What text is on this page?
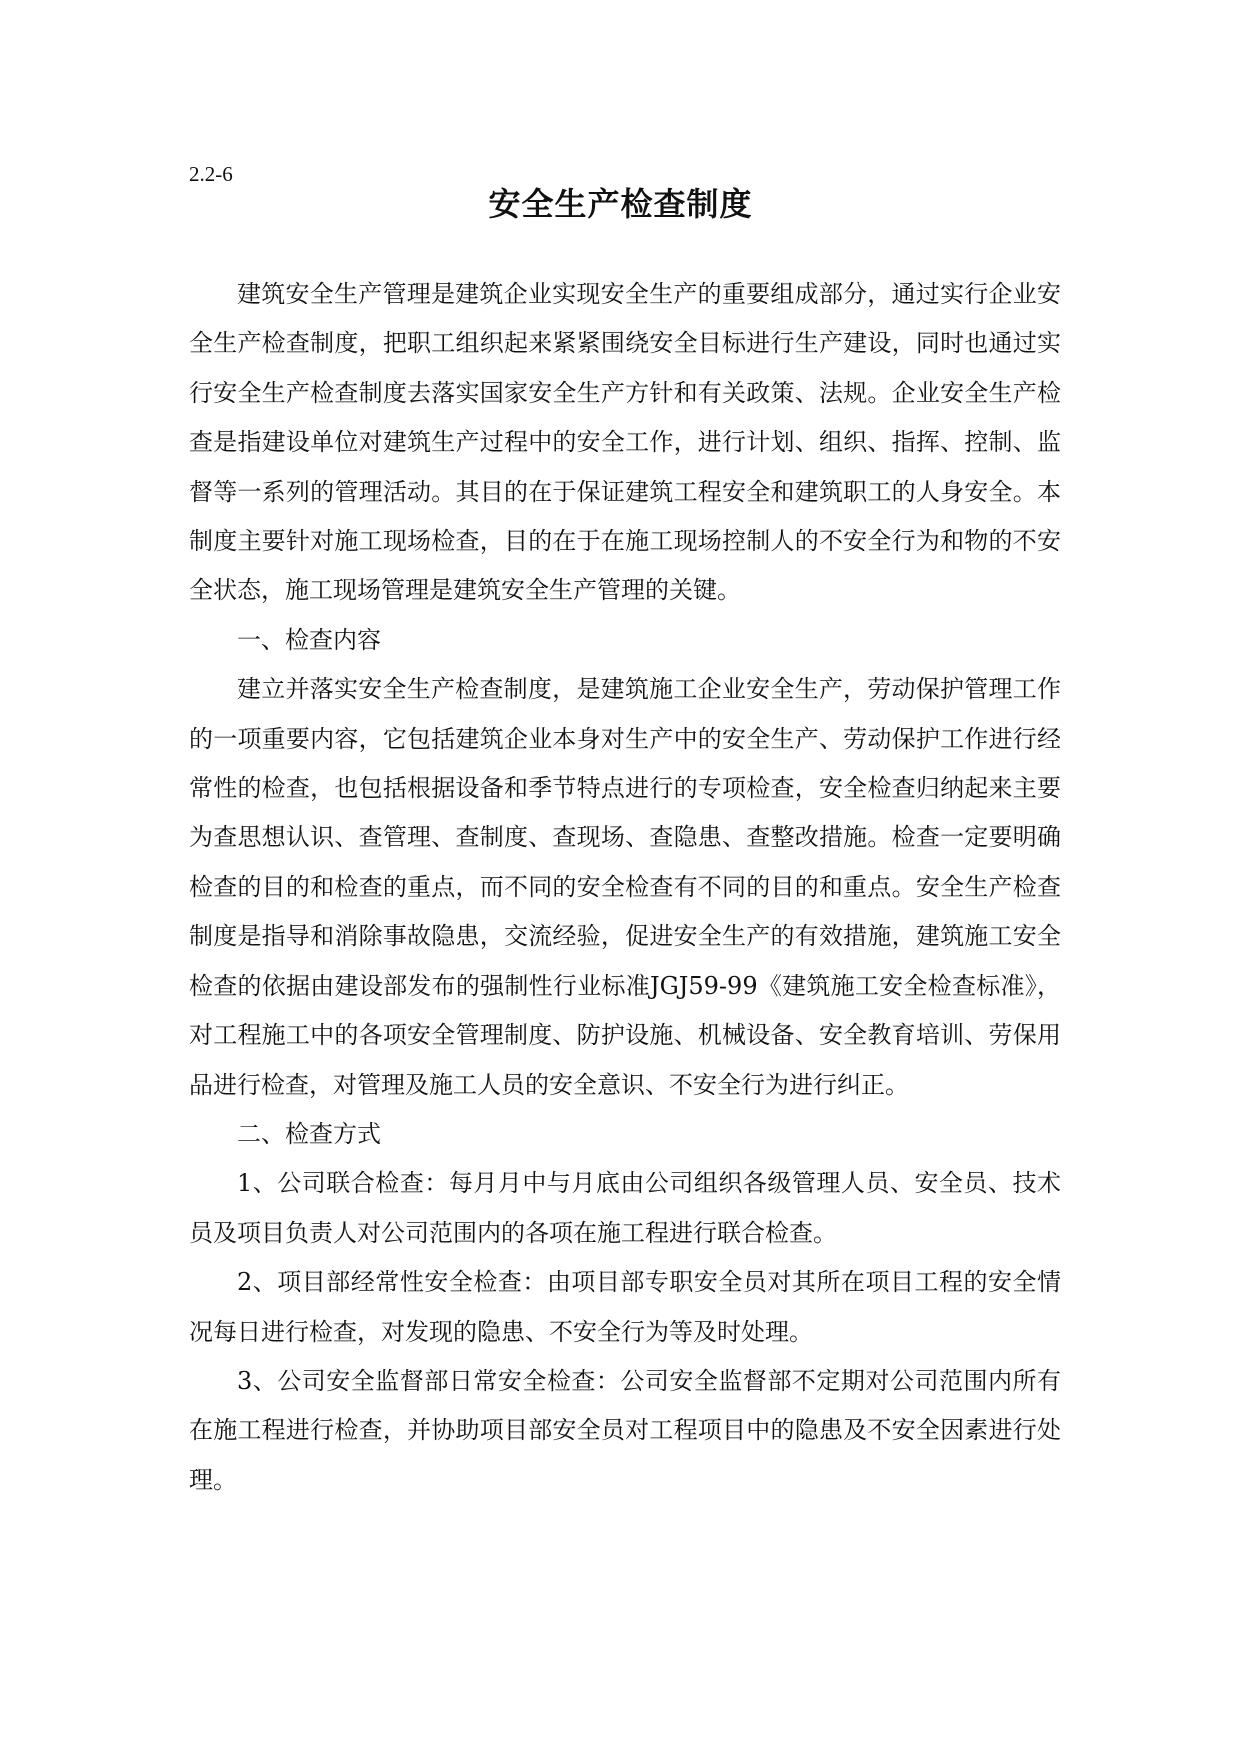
2.2-6
安全生产检查制度

建筑安全生产管理是建筑企业实现安全生产的重要组成部分，通过实行企业安全生产检查制度，把职工组织起来紧紧围绕安全目标进行生产建设，同时也通过实行安全生产检查制度去落实国家安全生产方针和有关政策、法规。企业安全生产检查是指建设单位对建筑生产过程中的安全工作，进行计划、组织、指挥、控制、监督等一系列的管理活动。其目的在于保证建筑工程安全和建筑职工的人身安全。本制度主要针对施工现场检查，目的在于在施工现场控制人的不安全行为和物的不安全状态，施工现场管理是建筑安全生产管理的关键。

一、检查内容

建立并落实安全生产检查制度，是建筑施工企业安全生产，劳动保护管理工作的一项重要内容，它包括建筑企业本身对生产中的安全生产、劳动保护工作进行经常性的检查，也包括根据设备和季节特点进行的专项检查，安全检查归纳起来主要为查思想认识、查管理、查制度、查现场、查隐患、查整改措施。检查一定要明确检查的目的和检查的重点，而不同的安全检查有不同的目的和重点。安全生产检查制度是指导和消除事故隐患，交流经验，促进安全生产的有效措施，建筑施工安全检查的依据由建设部发布的强制性行业标准JGJ59-99《建筑施工安全检查标准》，对工程施工中的各项安全管理制度、防护设施、机械设备、安全教育培训、劳保用品进行检查，对管理及施工人员的安全意识、不安全行为进行纠正。

二、检查方式

1、公司联合检查：每月月中与月底由公司组织各级管理人员、安全员、技术员及项目负责人对公司范围内的各项在施工程进行联合检查。

2、项目部经常性安全检查：由项目部专职安全员对其所在项目工程的安全情况每日进行检查，对发现的隐患、不安全行为等及时处理。

3、公司安全监督部日常安全检查：公司安全监督部不定期对公司范围内所有在施工程进行检查，并协助项目部安全员对工程项目中的隐患及不安全因素进行处理。
